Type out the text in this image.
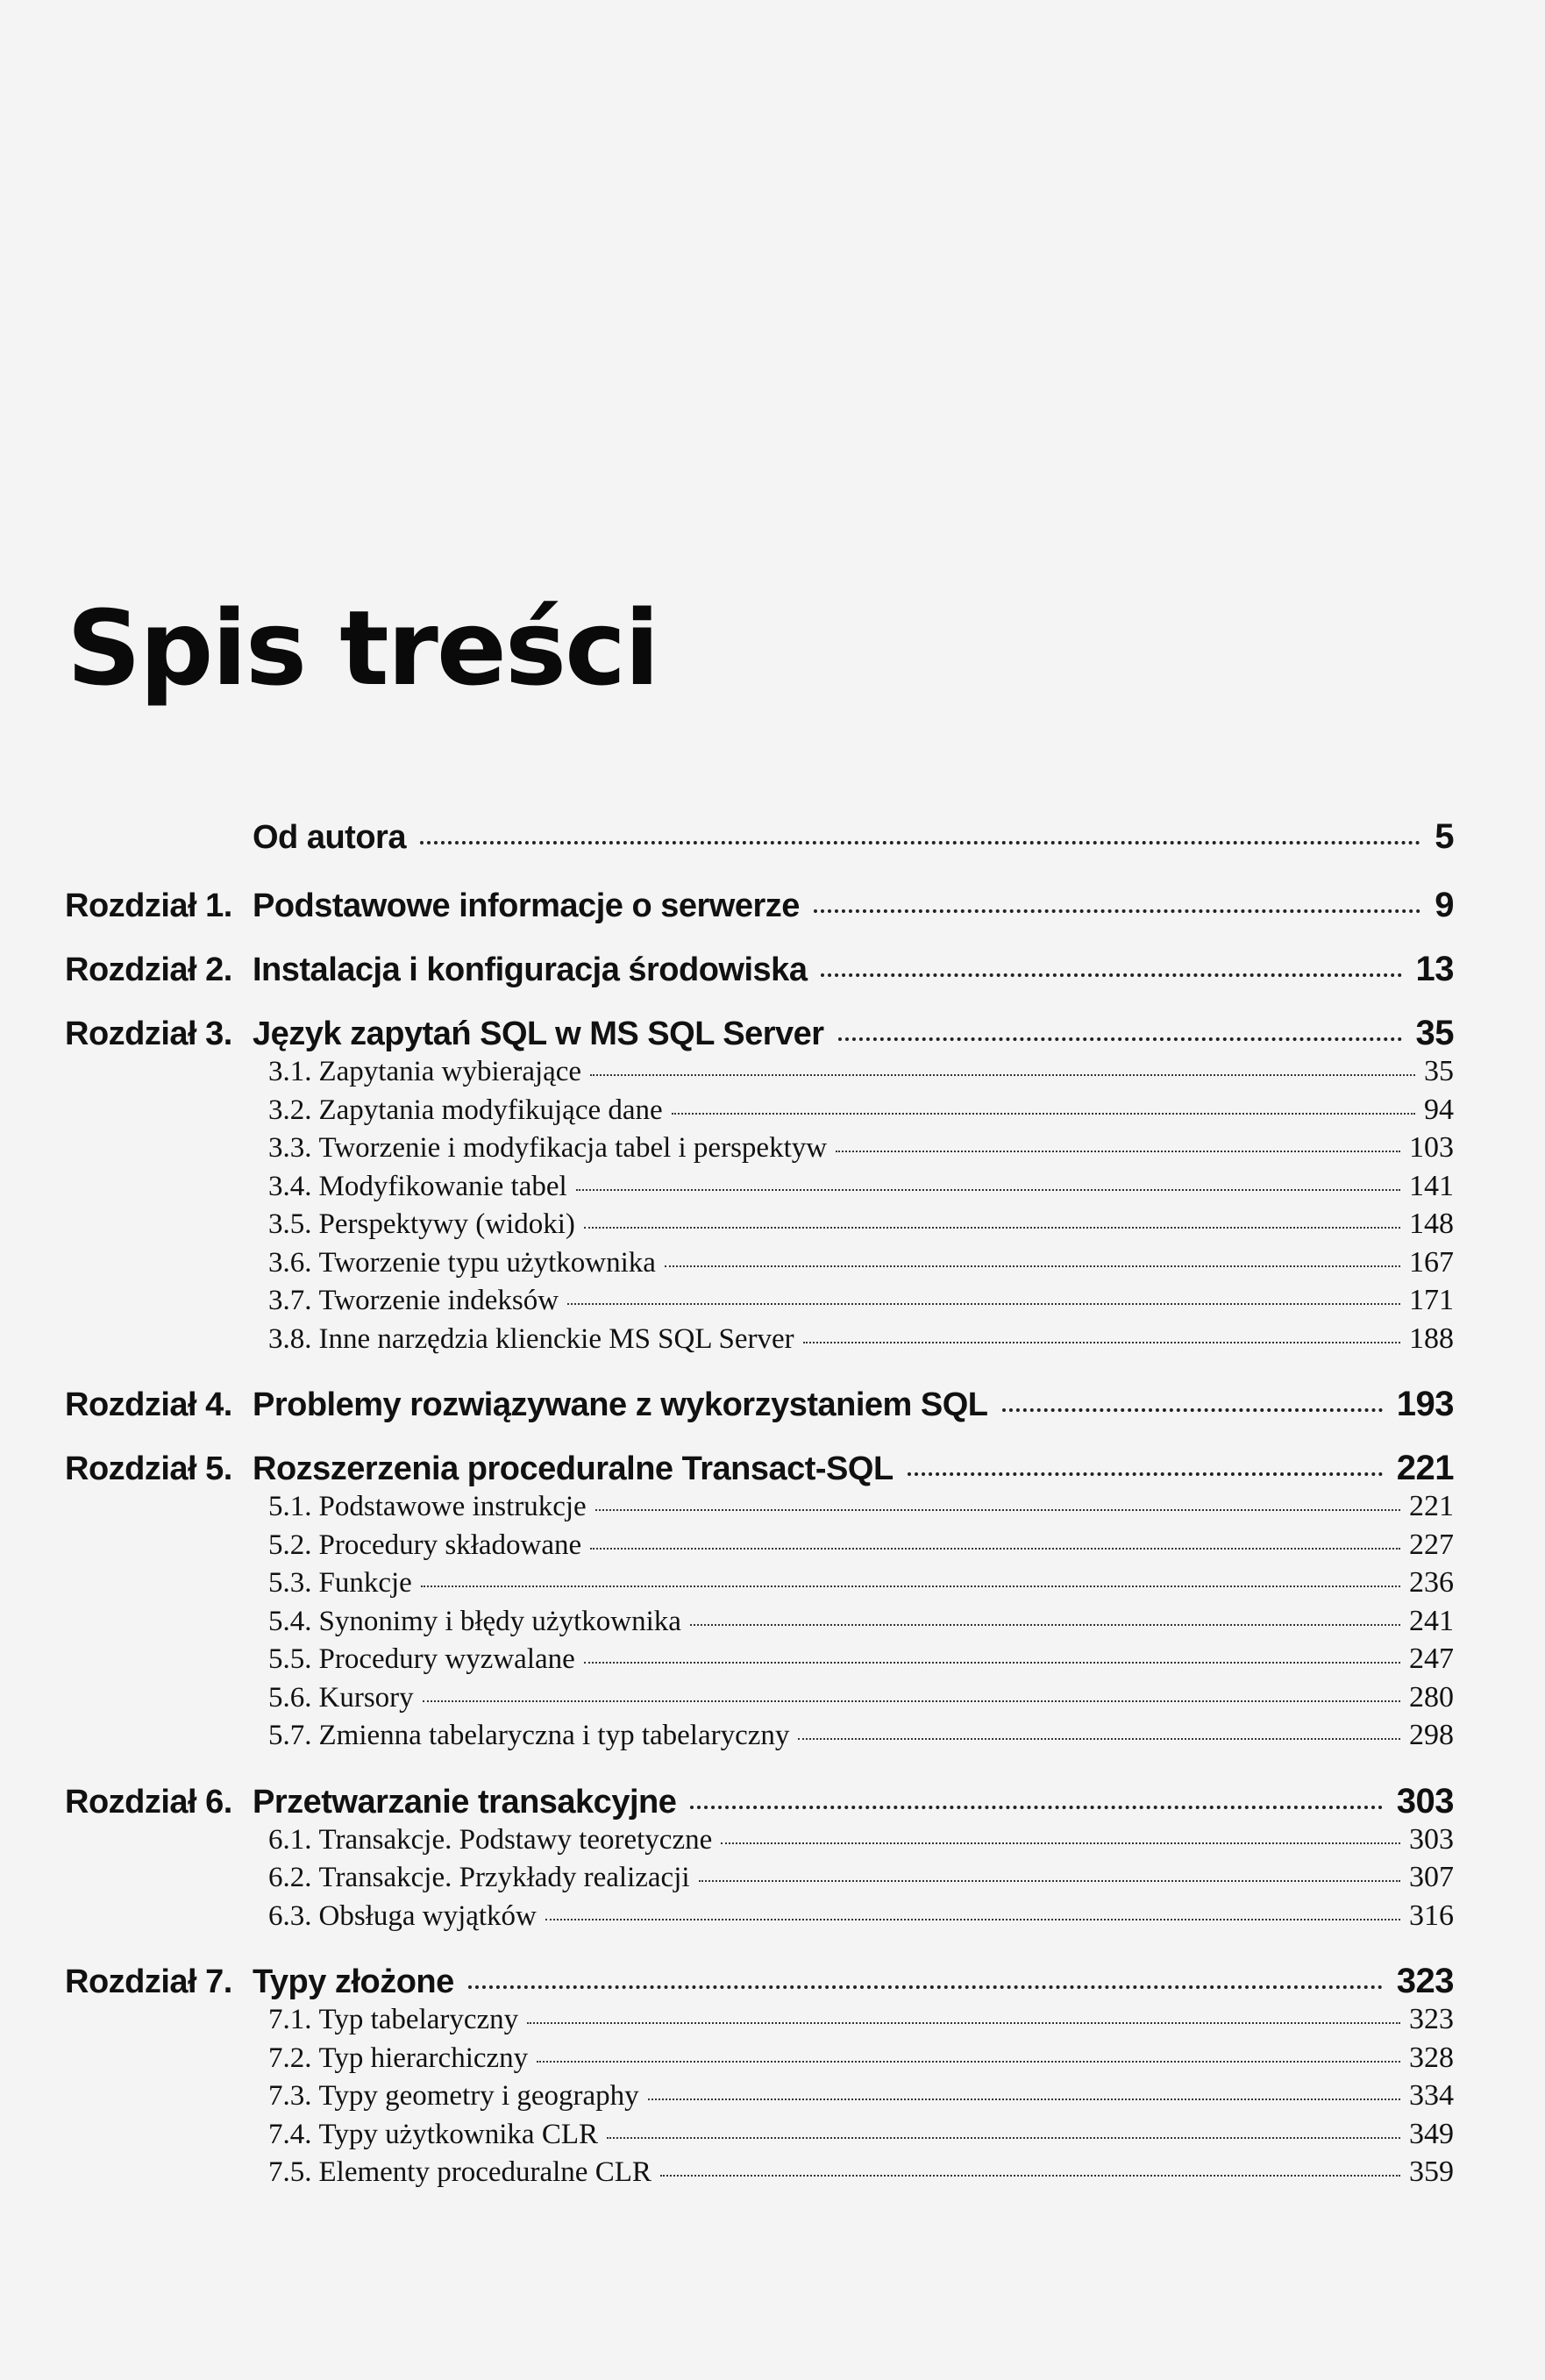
Spis treści
Od autora	5
Rozdział 1. Podstawowe informacje o serwerze	9
Rozdział 2. Instalacja i konfiguracja środowiska	13
Rozdział 3. Język zapytań SQL w MS SQL Server	35
3.1. Zapytania wybierające	35
3.2. Zapytania modyfikujące dane	94
3.3. Tworzenie i modyfikacja tabel i perspektyw	103
3.4. Modyfikowanie tabel	141
3.5. Perspektywy (widoki)	148
3.6. Tworzenie typu użytkownika	167
3.7. Tworzenie indeksów	171
3.8. Inne narzędzia klienckie MS SQL Server	188
Rozdział 4. Problemy rozwiązywane z wykorzystaniem SQL	193
Rozdział 5. Rozszerzenia proceduralne Transact-SQL	221
5.1. Podstawowe instrukcje	221
5.2. Procedury składowane	227
5.3. Funkcje	236
5.4. Synonimy i błędy użytkownika	241
5.5. Procedury wyzwalane	247
5.6. Kursory	280
5.7. Zmienna tabelaryczna i typ tabelaryczny	298
Rozdział 6. Przetwarzanie transakcyjne	303
6.1. Transakcje. Podstawy teoretyczne	303
6.2. Transakcje. Przykłady realizacji	307
6.3. Obsługa wyjątków	316
Rozdział 7. Typy złożone	323
7.1. Typ tabelaryczny	323
7.2. Typ hierarchiczny	328
7.3. Typy geometry i geography	334
7.4. Typy użytkownika CLR	349
7.5. Elementy proceduralne CLR	359
